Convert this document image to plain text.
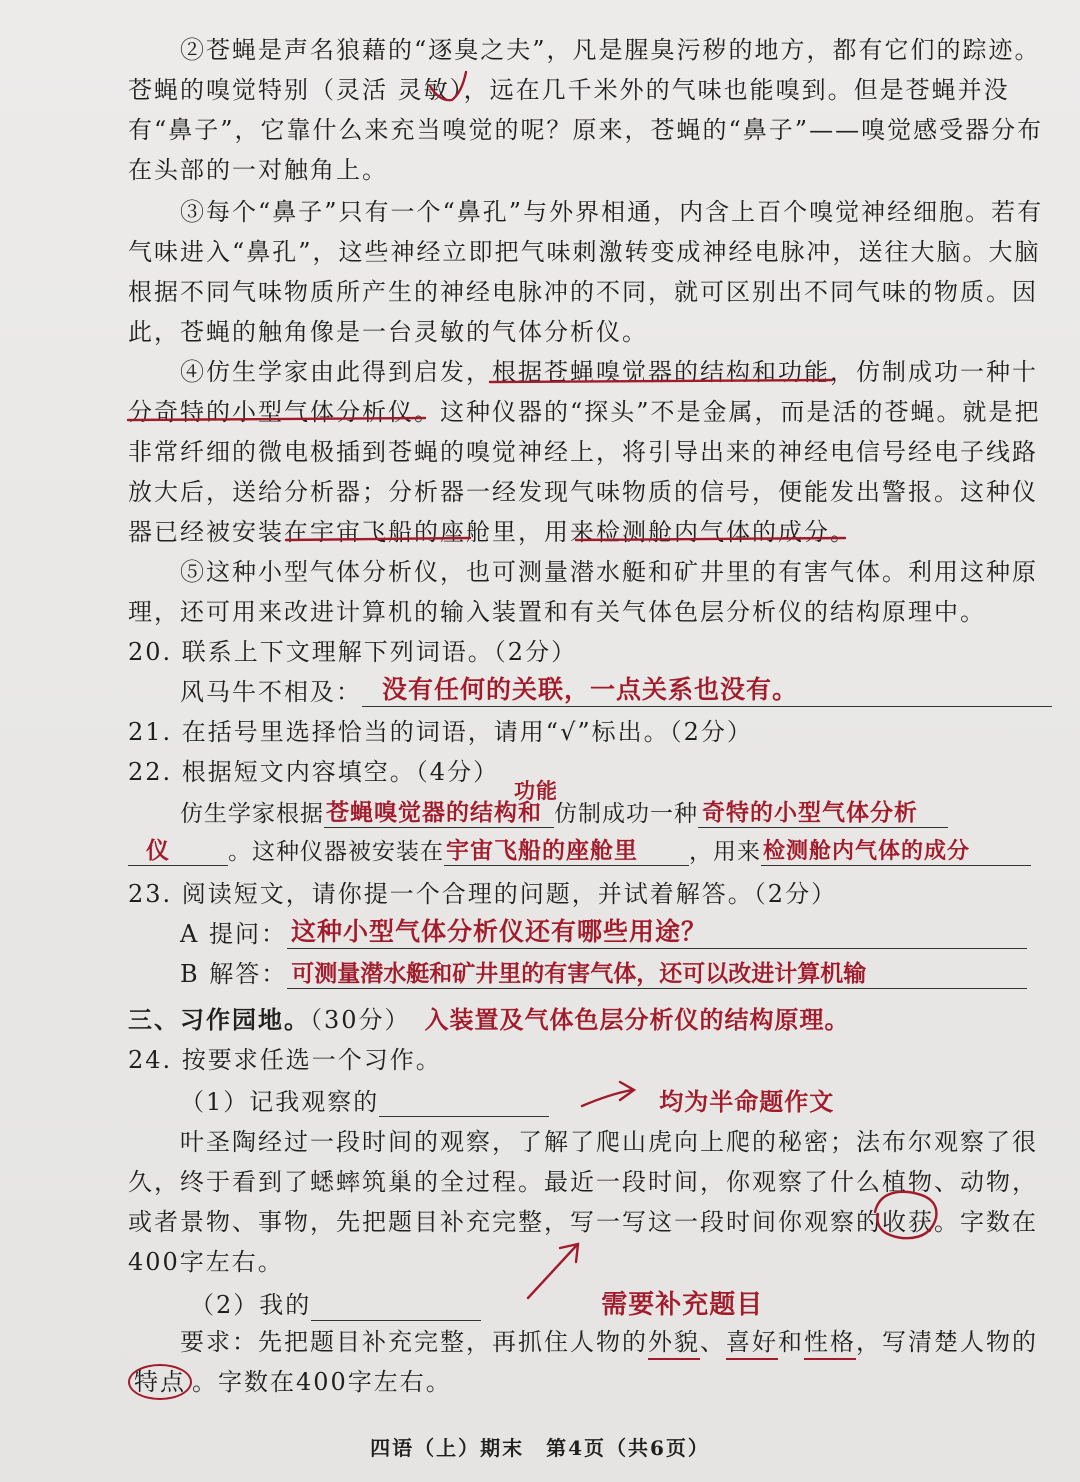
②苍蝇是声名狼藉的“逐臭之夫”，凡是腥臭污秽的地方，都有它们的踪迹。
苍蝇的嗅觉特别（灵活 灵敏），远在几千米外的气味也能嗅到。但是苍蝇并没
有“鼻子”，它靠什么来充当嗅觉的呢？原来，苍蝇的“鼻子”——嗅觉感受器分布
在头部的一对触角上。
③每个“鼻子”只有一个“鼻孔”与外界相通，内含上百个嗅觉神经细胞。若有
气味进入“鼻孔”，这些神经立即把气味刺激转变成神经电脉冲，送往大脑。大脑
根据不同气味物质所产生的神经电脉冲的不同，就可区别出不同气味的物质。因
此，苍蝇的触角像是一台灵敏的气体分析仪。
④仿生学家由此得到启发，根据苍蝇嗅觉器的结构和功能，仿制成功一种十
分奇特的小型气体分析仪。这种仪器的“探头”不是金属，而是活的苍蝇。就是把
非常纤细的微电极插到苍蝇的嗅觉神经上，将引导出来的神经电信号经电子线路
放大后，送给分析器；分析器一经发现气味物质的信号，便能发出警报。这种仪
器已经被安装在宇宙飞船的座舱里，用来检测舱内气体的成分。
⑤这种小型气体分析仪，也可测量潜水艇和矿井里的有害气体。利用这种原
理，还可用来改进计算机的输入装置和有关气体色层分析仪的结构原理中。
20. 联系上下文理解下列词语。（2分）
风马牛不相及： 没有任何的关联，一点关系也没有。
21. 在括号里选择恰当的词语，请用“√”标出。（2分）
22. 根据短文内容填空。（4分）
仿生学家根据 苍蝇嗅觉器的结构和
功能
仿制成功一种 奇特的小型气体分析
仪	。这种仪器被安装在 宇宙飞船的座舱里 ，用来 检测舱内气体的成分
23. 阅读短文，请你提一个合理的问题，并试着解答。（2分）
A 提问： 这种小型气体分析仪还有哪些用途？
B 解答： 可测量潜水艇和矿井里的有害气体，还可以改进计算机输
三、习作园地。（30分） 入装置及气体色层分析仪的结构原理。
24. 按要求任选一个习作。
（1）记我观察的	均为半命题作文
叶圣陶经过一段时间的观察，了解了爬山虎向上爬的秘密；法布尔观察了很
久，终于看到了蟋蟀筑巢的全过程。最近一段时间，你观察了什么植物、动物，
或者景物、事物，先把题目补充完整，写一写这一段时间你观察的收获。字数在
400字左右。
（2）我的	需要补充题目
要求：先把题目补充完整，再抓住人物的外貌、喜好和性格，写清楚人物的
特点 。字数在400字左右。
四语（上）期末　第4页（共6页）
